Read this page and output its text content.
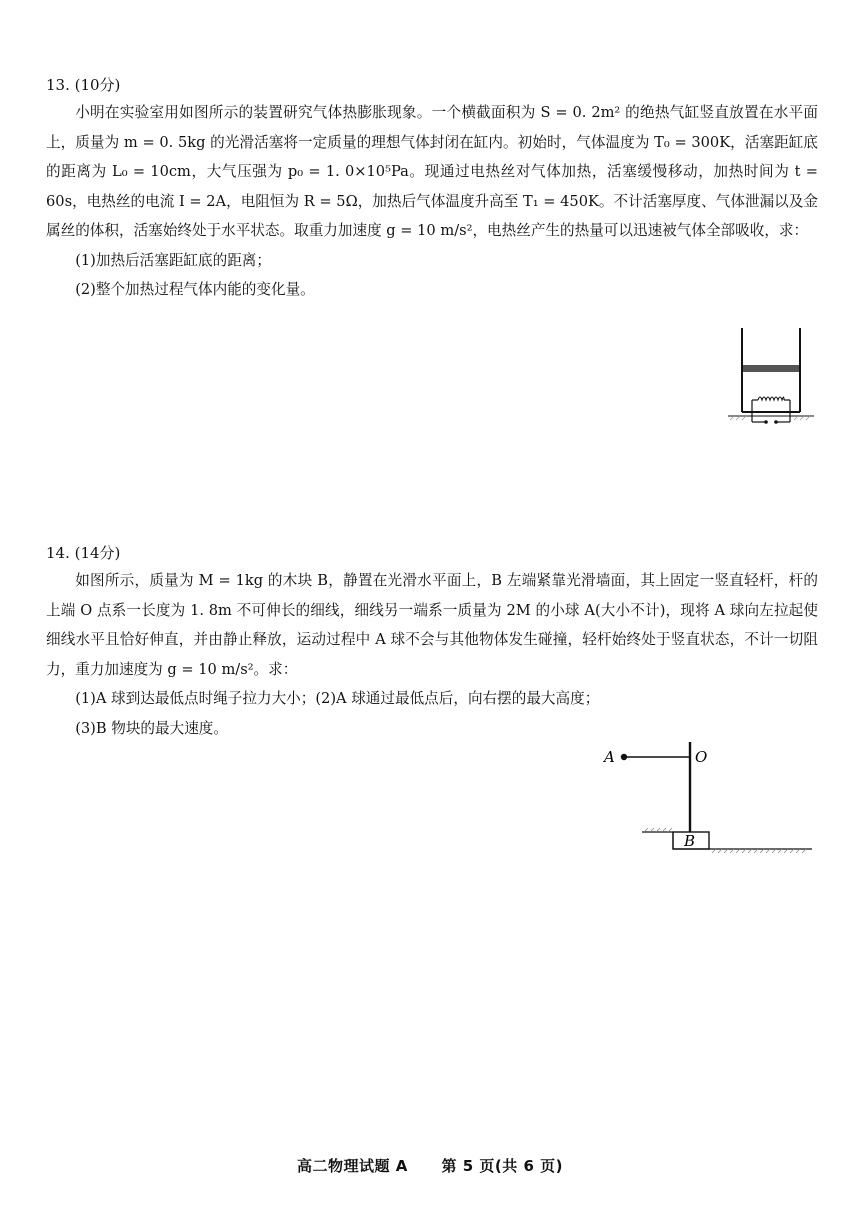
13. (10分)

小明在实验室用如图所示的装置研究气体热膨胀现象。一个横截面积为 S = 0. 2m² 的绝热气缸竖直放置在水平面上，质量为 m = 0. 5kg 的光滑活塞将一定质量的理想气体封闭在缸内。初始时，气体温度为 T₀ = 300K，活塞距缸底的距离为 L₀ = 10cm，大气压强为 p₀ = 1. 0×10⁵Pa。现通过电热丝对气体加热，活塞缓慢移动，加热时间为 t = 60s，电热丝的电流 I = 2A，电阻恒为 R = 5Ω，加热后气体温度升高至 T₁ = 450K。不计活塞厚度、气体泄漏以及金属丝的体积，活塞始终处于水平状态。取重力加速度 g = 10 m/s²，电热丝产生的热量可以迅速被气体全部吸收，求：

(1)加热后活塞距缸底的距离；

(2)整个加热过程气体内能的变化量。

14. (14分)

如图所示，质量为 M = 1kg 的木块 B，静置在光滑水平面上，B 左端紧靠光滑墙面，其上固定一竖直轻杆，杆的上端 O 点系一长度为 1. 8m 不可伸长的细线，细线另一端系一质量为 2M 的小球 A(大小不计)，现将 A 球向左拉起使细线水平且恰好伸直，并由静止释放，运动过程中 A 球不会与其他物体发生碰撞，轻杆始终处于竖直状态，不计一切阻力，重力加速度为 g = 10 m/s²。求：

(1)A 球到达最低点时绳子拉力大小；(2)A 球通过最低点后，向右摆的最大高度；

(3)B 物块的最大速度。

A	O
B
高二物理试题 A 第 5 页(共 6 页)
